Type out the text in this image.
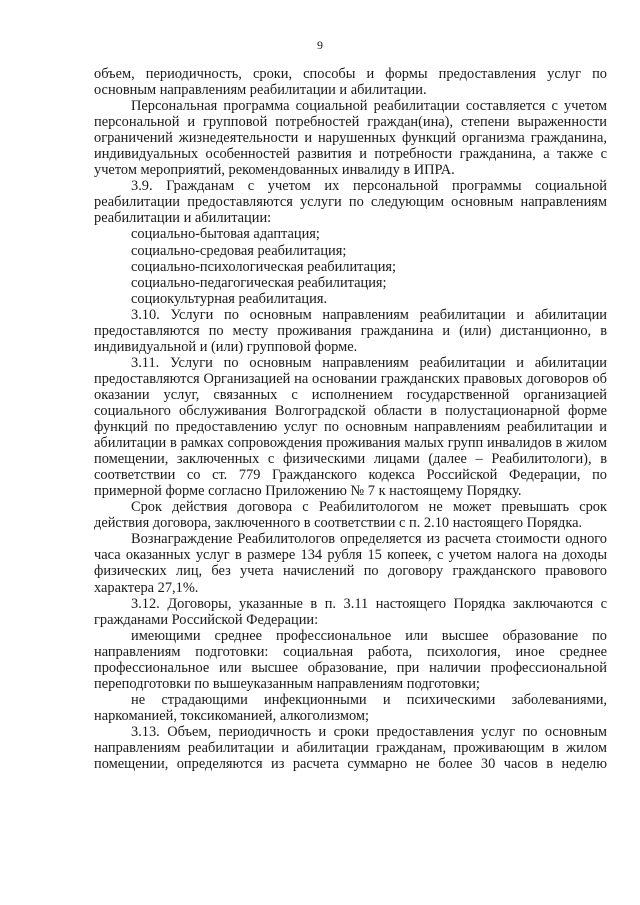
9

объем, периодичность, сроки, способы и формы предоставления услуг по основным направлениям реабилитации и абилитации.

Персональная программа социальной реабилитации составляется с учетом персональной и групповой потребностей граждан(ина), степени выраженности ограничений жизнедеятельности и нарушенных функций организма гражданина, индивидуальных особенностей развития и потребности гражданина, а также с учетом мероприятий, рекомендованных инвалиду в ИПРА.

3.9. Гражданам с учетом их персональной программы социальной реабилитации предоставляются услуги по следующим основным направлениям реабилитации и абилитации:

социально-бытовая адаптация;

социально-средовая реабилитация;

социально-психологическая реабилитация;

социально-педагогическая реабилитация;

социокультурная реабилитация.

3.10. Услуги по основным направлениям реабилитации и абилитации предоставляются по месту проживания гражданина и (или) дистанционно, в индивидуальной и (или) групповой форме.

3.11. Услуги по основным направлениям реабилитации и абилитации предоставляются Организацией на основании гражданских правовых договоров об оказании услуг, связанных с исполнением государственной организацией социального обслуживания Волгоградской области в полустационарной форме функций по предоставлению услуг по основным направлениям реабилитации и абилитации в рамках сопровождения проживания малых групп инвалидов в жилом помещении, заключенных с физическими лицами (далее – Реабилитологи), в соответствии со ст. 779 Гражданского кодекса Российской Федерации, по примерной форме согласно Приложению № 7 к настоящему Порядку.

Срок действия договора с Реабилитологом не может превышать срок действия договора, заключенного в соответствии с п. 2.10 настоящего Порядка.

Вознаграждение Реабилитологов определяется из расчета стоимости одного часа оказанных услуг в размере 134 рубля 15 копеек, с учетом налога на доходы физических лиц, без учета начислений по договору гражданского правового характера 27,1%.

3.12. Договоры, указанные в п. 3.11 настоящего Порядка заключаются с гражданами Российской Федерации:

имеющими среднее профессиональное или высшее образование по направлениям подготовки: социальная работа, психология, иное среднее профессиональное или высшее образование, при наличии профессиональной переподготовки по вышеуказанным направлениям подготовки;

не страдающими инфекционными и психическими заболеваниями, наркоманией, токсикоманией, алкоголизмом;

3.13. Объем, периодичность и сроки предоставления услуг по основным направлениям реабилитации и абилитации гражданам, проживающим в жилом помещении, определяются из расчета суммарно не более 30 часов в неделю
